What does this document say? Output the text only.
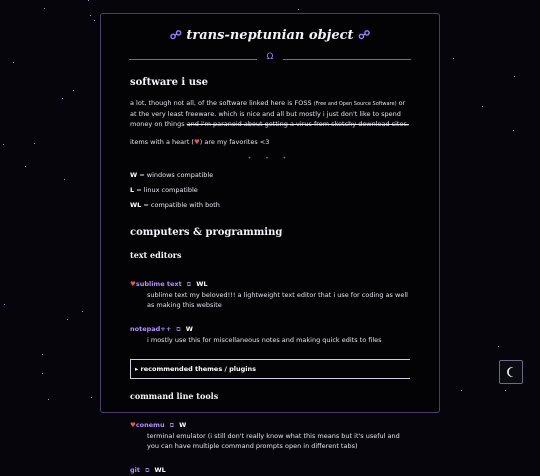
☍ trans-neptunian object ☍
Ω
software i use

a lot, though not all, of the software linked here is FOSS (Free and Open Source Software) or at the very least freeware. which is nice and all but mostly i just don't like to spend money on things and i'm paranoid about getting a virus from sketchy download sites.

items with a heart (♥) are my favorites <3

• • •
W = windows compatible
L = linux compatible
WL = compatible with both
computers & programming
text editors
♥sublime text ⧉ WL
sublime text my beloved!!! a lightweight text editor that i use for coding as well as making this website
notepad++ ⧉ W
i mostly use this for miscellaneous notes and making quick edits to files
▸ recommended themes / plugins
command line tools
♥conemu ⧉ W
terminal emulator (i still don't really know what this means but it's useful and you can have multiple command prompts open in different tabs)
git ⧉ WL
